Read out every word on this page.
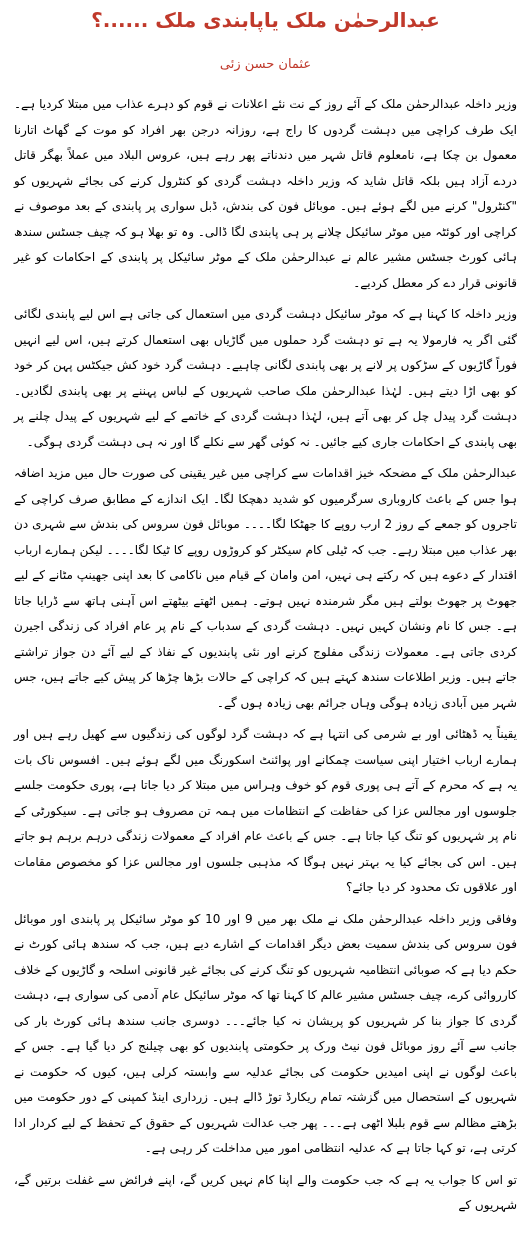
عبدالرحمٰن ملک یاپابندی ملک ......؟
عثمان حسن زئی

وزیر داخلہ عبدالرحمٰن ملک کے آئے روز کے نت نئے اعلانات نے قوم کو دہرے عذاب میں مبتلا کردیا ہے۔ایک طرف کراچی میں دہشت گردوں کا راج ہے، روزانہ درجن بھر افراد کو موت کے گھاٹ اتارنا معمول بن چکا ہے، نامعلوم قاتل شہر میں دندناتے پھر رہے ہیں، عروس البلاد میں عملاً بھگر قاتل دردے آزاد ہیں بلکہ قاتل شاید کہ وزیر داخلہ دہشت گردی کو کنٹرول کرنے کی بجائے شہریوں کو "کنٹرول" کرنے میں لگے ہوئے ہیں۔ موبائل فون کی بندش، ڈبل سواری پر پابندی کے بعد موصوف نے کراچی اور کوئٹہ میں موٹر سائیکل چلانے پر ہی پابندی لگا ڈالی۔ وہ تو بھلا ہو کہ چیف جسٹس سندھ ہائی کورٹ جسٹس مشیر عالم نے عبدالرحمٰن ملک کے موٹر سائیکل پر پابندی کے احکامات کو غیر قانونی قرار دے کر معطل کردیے۔

وزیر داخلہ کا کہنا ہے کہ موٹر سائیکل دہشت گردی میں استعمال کی جاتی ہے اس لیے پابندی لگائی گئی اگر یہ فارمولا یہ ہے تو دہشت گرد حملوں میں گاڑیاں بھی استعمال کرتے ہیں، اس لیے انہیں فوراً گاڑیوں کے سڑکوں پر لانے پر بھی پابندی لگانی چاہیے۔ دہشت گرد خود کش جیکٹس پہن کر خود کو بھی اڑا دیتے ہیں۔ لہٰذا عبدالرحمٰن ملک صاحب شہریوں کے لباس پہننے پر بھی پابندی لگادیں۔ دہشت گرد پیدل چل کر بھی آتے ہیں، لہٰذا دہشت گردی کے خاتمے کے لیے شہریوں کے پیدل چلنے پر بھی پابندی کے احکامات جاری کیے جائیں۔ نہ کوئی گھر سے نکلے گا اور نہ ہی دہشت گردی ہوگی۔

عبدالرحمٰن ملک کے مضحکہ خیز اقدامات سے کراچی میں غیر یقینی کی صورت حال میں مزید اضافہ ہوا جس کے باعث کاروباری سرگرمیوں کو شدید دھچکا لگا۔ ایک اندازے کے مطابق صرف کراچی کے تاجروں کو جمعے کے روز 2 ارب روپے کا جھٹکا لگا۔۔۔۔ موبائل فون سروس کی بندش سے شہری دن بھر عذاب میں مبتلا رہے۔ جب کہ ٹیلی کام سیکٹر کو کروڑوں روپے کا ٹیکا لگا۔۔۔۔ لیکن ہمارے ارباب اقتدار کے دعوے ہیں کہ رکتے ہی نہیں، امن وامان کے قیام میں ناکامی کا بعد اپنی جھینپ مٹانے کے لیے جھوٹ پر جھوٹ بولتے ہیں مگر شرمندہ نہیں ہوتے۔ ہمیں اٹھتے بیٹھتے اس آہنی ہاتھ سے ڈرایا جاتا ہے۔ جس کا نام ونشان کہیں نہیں۔ دہشت گردی کے سدباب کے نام پر عام افراد کی زندگی اجیرن کردی جاتی ہے۔ معمولات زندگی مفلوج کرنے اور نئی پابندیوں کے نفاذ کے لیے آئے دن جواز تراشتے جاتے ہیں۔ وزیر اطلاعات سندھ کہتے ہیں کہ کراچی کے حالات بڑھا چڑھا کر پیش کیے جاتے ہیں، جس شہر میں آبادی زیادہ ہوگی وہاں جرائم بھی زیادہ ہوں گے۔

یقیناً یہ ڈھٹائی اور بے شرمی کی انتہا ہے کہ دہشت گرد لوگوں کی زندگیوں سے کھیل رہے ہیں اور ہمارے ارباب اختیار اپنی سیاست چمکانے اور پوائنٹ اسکورنگ میں لگے ہوئے ہیں۔ افسوس ناک بات یہ ہے کہ محرم کے آتے ہی پوری قوم کو خوف وہراس میں مبتلا کر دیا جاتا ہے، پوری حکومت جلسے جلوسوں اور مجالس عزا کی حفاظت کے انتظامات میں ہمہ تن مصروف ہو جاتی ہے۔ سیکورٹی کے نام پر شہریوں کو تنگ کیا جاتا ہے۔ جس کے باعث عام افراد کے معمولات زندگی درہم برہم ہو جاتے ہیں۔ اس کی بجائے کیا یہ بہتر نہیں ہوگا کہ مذہبی جلسوں اور مجالس عزا کو مخصوص مقامات اور علاقوں تک محدود کر دیا جائے؟

وفاقی وزیر داخلہ عبدالرحمٰن ملک نے ملک بھر میں 9 اور 10 کو موٹر سائیکل پر پابندی اور موبائل فون سروس کی بندش سمیت بعض دیگر اقدامات کے اشارے دیے ہیں، جب کہ سندھ ہائی کورٹ نے حکم دیا ہے کہ صوبائی انتظامیہ شہریوں کو تنگ کرنے کی بجائے غیر قانونی اسلحہ و گاڑیوں کے خلاف کارروائی کرے، چیف جسٹس مشیر عالم کا کہنا تھا کہ موٹر سائیکل عام آدمی کی سواری ہے، دہشت گردی کا جواز بنا کر شہریوں کو پریشان نہ کیا جائے۔۔۔ دوسری جانب سندھ ہائی کورٹ بار کی جانب سے آئے روز موبائل فون نیٹ ورک پر حکومتی پابندیوں کو بھی چیلنج کر دیا گیا ہے۔ جس کے باعث لوگوں نے اپنی امیدیں حکومت کی بجائے عدلیہ سے وابستہ کرلی ہیں، کیوں کہ حکومت نے شہریوں کے استحصال میں گزشتہ تمام ریکارڈ توڑ ڈالے ہیں۔ زرداری اینڈ کمپنی کے دور حکومت میں بڑھتے مظالم سے قوم بلبلا اٹھی ہے۔۔۔ پھر جب عدالت شہریوں کے حقوق کے تحفظ کے لیے کردار ادا کرتی ہے، تو کہا جاتا ہے کہ عدلیہ انتظامی امور میں مداخلت کر رہی ہے۔

تو اس کا جواب یہ ہے کہ جب حکومت والے اپنا کام نہیں کریں گے، اپنے فرائض سے غفلت برتیں گے، شہریوں کے
